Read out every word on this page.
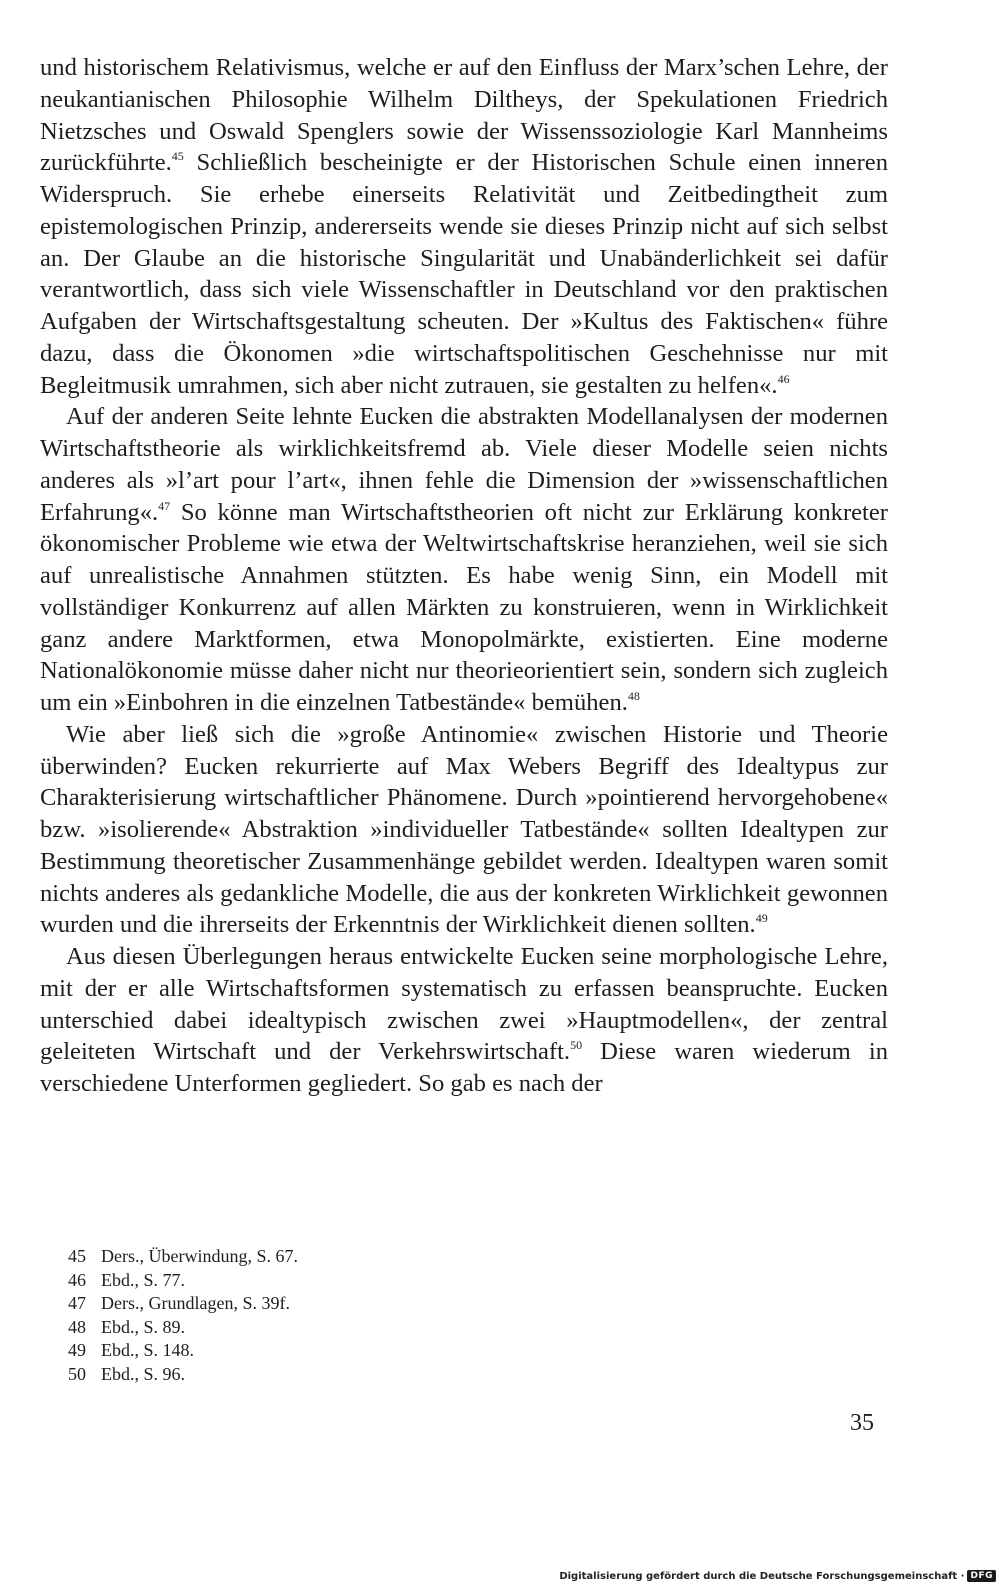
und historischem Relativismus, welche er auf den Einfluss der Marx’schen Lehre, der neukantianischen Philosophie Wilhelm Diltheys, der Spekulationen Friedrich Nietzsches und Oswald Spenglers sowie der Wissenssoziologie Karl Mannheims zurückführte.$^{45}$ Schließlich bescheinigte er der Historischen Schule einen inneren Widerspruch. Sie erhebe einerseits Relativität und Zeitbedingtheit zum epistemologischen Prinzip, andererseits wende sie dieses Prinzip nicht auf sich selbst an. Der Glaube an die historische Singularität und Unabänderlichkeit sei dafür verantwortlich, dass sich viele Wissenschaftler in Deutschland vor den praktischen Aufgaben der Wirtschaftsgestaltung scheuten. Der »Kultus des Faktischen« führe dazu, dass die Ökonomen »die wirtschaftspolitischen Geschehnisse nur mit Begleitmusik umrahmen, sich aber nicht zutrauen, sie gestalten zu helfen«.$^{46}$

Auf der anderen Seite lehnte Eucken die abstrakten Modellanalysen der modernen Wirtschaftstheorie als wirklichkeitsfremd ab. Viele dieser Modelle seien nichts anderes als »l’art pour l’art«, ihnen fehle die Dimension der »wissenschaftlichen Erfahrung«.$^{47}$ So könne man Wirtschaftstheorien oft nicht zur Erklärung konkreter ökonomischer Probleme wie etwa der Weltwirtschaftskrise heranziehen, weil sie sich auf unrealistische Annahmen stützten. Es habe wenig Sinn, ein Modell mit vollständiger Konkurrenz auf allen Märkten zu konstruieren, wenn in Wirklichkeit ganz andere Marktformen, etwa Monopolmärkte, existierten. Eine moderne Nationalökonomie müsse daher nicht nur theorieorientiert sein, sondern sich zugleich um ein »Einbohren in die einzelnen Tatbestände« bemühen.$^{48}$

Wie aber ließ sich die »große Antinomie« zwischen Historie und Theorie überwinden? Eucken rekurrierte auf Max Webers Begriff des Idealtypus zur Charakterisierung wirtschaftlicher Phänomene. Durch »pointierend hervorgehobene« bzw. »isolierende« Abstraktion »individueller Tatbestände« sollten Idealtypen zur Bestimmung theoretischer Zusammenhänge gebildet werden. Idealtypen waren somit nichts anderes als gedankliche Modelle, die aus der konkreten Wirklichkeit gewonnen wurden und die ihrerseits der Erkenntnis der Wirklichkeit dienen sollten.$^{49}$

Aus diesen Überlegungen heraus entwickelte Eucken seine morphologische Lehre, mit der er alle Wirtschaftsformen systematisch zu erfassen beanspruchte. Eucken unterschied dabei idealtypisch zwischen zwei »Hauptmodellen«, der zentral geleiteten Wirtschaft und der Verkehrswirtschaft.$^{50}$ Diese waren wiederum in verschiedene Unterformen gegliedert. So gab es nach der

45 Ders., Überwindung, S. 67.

46 Ebd., S. 77.

47 Ders., Grundlagen, S. 39f.

48 Ebd., S. 89.

49 Ebd., S. 148.

50 Ebd., S. 96.

35
Digitalisierung gefördert durch die Deutsche Forschungsgemeinschaft · DFG
